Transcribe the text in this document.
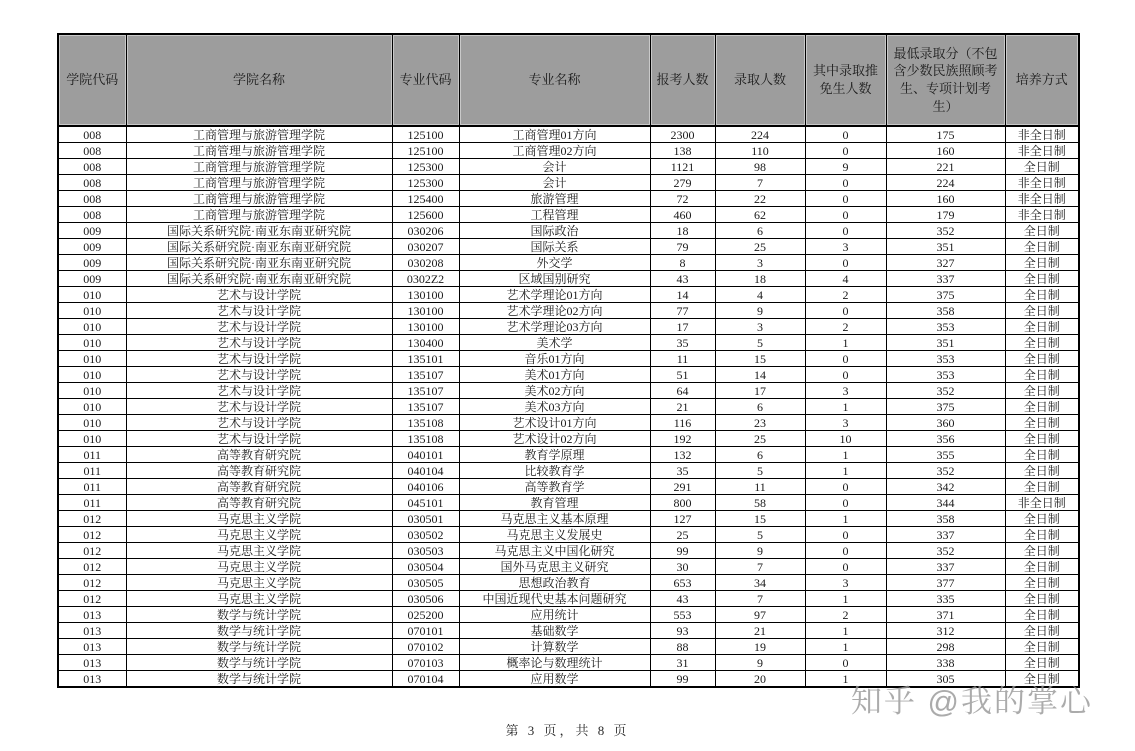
学院代码	学院名称	专业代码	专业名称	报考人数	录取人数	其中录取推免生人数	最低录取分（不包含少数民族照顾考生、专项计划考生）	培养方式
008	工商管理与旅游管理学院	125100	工商管理01方向	2300	224	0	175	非全日制
008	工商管理与旅游管理学院	125100	工商管理02方向	138	110	0	160	非全日制
008	工商管理与旅游管理学院	125300	会计	1121	98	9	221	全日制
008	工商管理与旅游管理学院	125300	会计	279	7	0	224	非全日制
008	工商管理与旅游管理学院	125400	旅游管理	72	22	0	160	非全日制
008	工商管理与旅游管理学院	125600	工程管理	460	62	0	179	非全日制
009	国际关系研究院·南亚东南亚研究院	030206	国际政治	18	6	0	352	全日制
009	国际关系研究院·南亚东南亚研究院	030207	国际关系	79	25	3	351	全日制
009	国际关系研究院·南亚东南亚研究院	030208	外交学	8	3	0	327	全日制
009	国际关系研究院·南亚东南亚研究院	0302Z2	区域国别研究	43	18	4	337	全日制
010	艺术与设计学院	130100	艺术学理论01方向	14	4	2	375	全日制
010	艺术与设计学院	130100	艺术学理论02方向	77	9	0	358	全日制
010	艺术与设计学院	130100	艺术学理论03方向	17	3	2	353	全日制
010	艺术与设计学院	130400	美术学	35	5	1	351	全日制
010	艺术与设计学院	135101	音乐01方向	11	15	0	353	全日制
010	艺术与设计学院	135107	美术01方向	51	14	0	353	全日制
010	艺术与设计学院	135107	美术02方向	64	17	3	352	全日制
010	艺术与设计学院	135107	美术03方向	21	6	1	375	全日制
010	艺术与设计学院	135108	艺术设计01方向	116	23	3	360	全日制
010	艺术与设计学院	135108	艺术设计02方向	192	25	10	356	全日制
011	高等教育研究院	040101	教育学原理	132	6	1	355	全日制
011	高等教育研究院	040104	比较教育学	35	5	1	352	全日制
011	高等教育研究院	040106	高等教育学	291	11	0	342	全日制
011	高等教育研究院	045101	教育管理	800	58	0	344	非全日制
012	马克思主义学院	030501	马克思主义基本原理	127	15	1	358	全日制
012	马克思主义学院	030502	马克思主义发展史	25	5	0	337	全日制
012	马克思主义学院	030503	马克思主义中国化研究	99	9	0	352	全日制
012	马克思主义学院	030504	国外马克思主义研究	30	7	0	337	全日制
012	马克思主义学院	030505	思想政治教育	653	34	3	377	全日制
012	马克思主义学院	030506	中国近现代史基本问题研究	43	7	1	335	全日制
013	数学与统计学院	025200	应用统计	553	97	2	371	全日制
013	数学与统计学院	070101	基础数学	93	21	1	312	全日制
013	数学与统计学院	070102	计算数学	88	19	1	298	全日制
013	数学与统计学院	070103	概率论与数理统计	31	9	0	338	全日制
013	数学与统计学院	070104	应用数学	99	20	1	305	全日制
知乎 @我的掌心
第 3 页，共 8 页
